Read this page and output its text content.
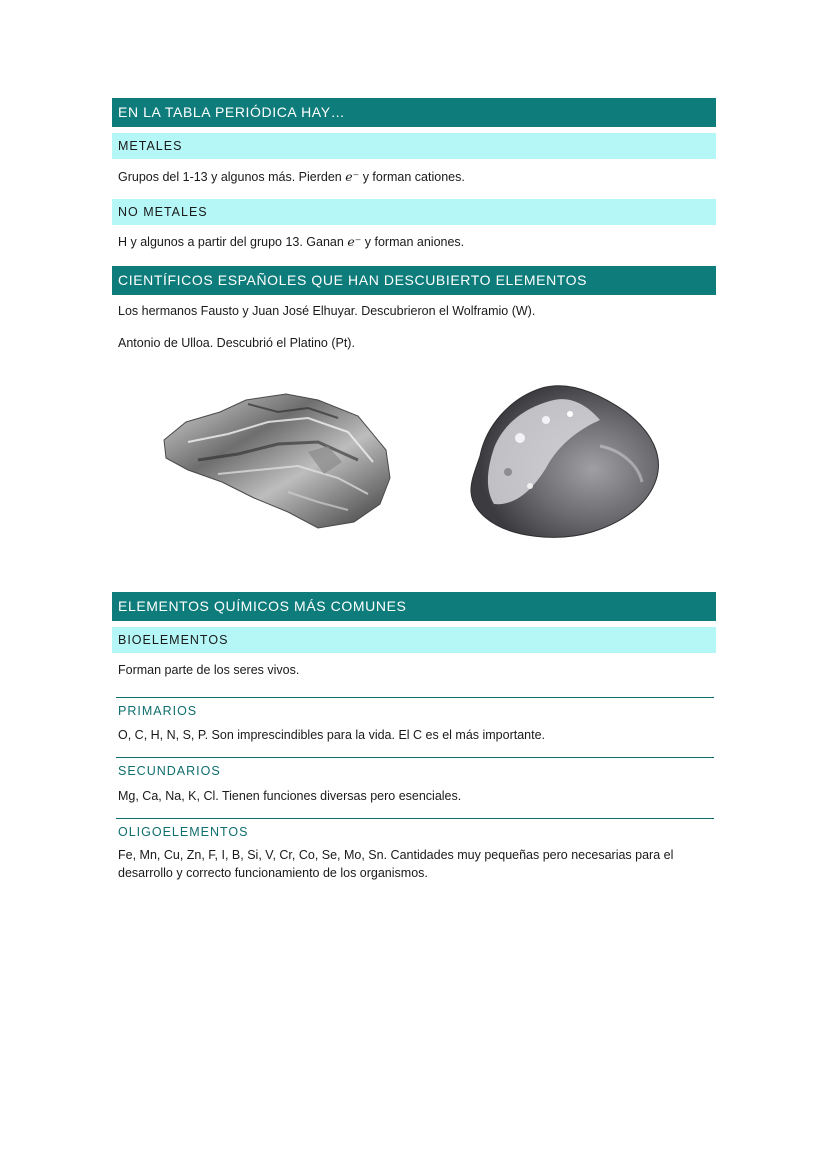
EN LA TABLA PERIÓDICA HAY…
METALES

Grupos del 1-13 y algunos más. Pierden e⁻ y forman cationes.

NO METALES

H y algunos a partir del grupo 13. Ganan e⁻ y forman aniones.

CIENTÍFICOS ESPAÑOLES QUE HAN DESCUBIERTO ELEMENTOS

Los hermanos Fausto y Juan José Elhuyar. Descubrieron el Wolframio (W).

Antonio de Ulloa. Descubrió el Platino (Pt).

ELEMENTOS QUÍMICOS MÁS COMUNES
BIOELEMENTOS

Forman parte de los seres vivos.

PRIMARIOS

O, C, H, N, S, P. Son imprescindibles para la vida. El C es el más importante.

SECUNDARIOS

Mg, Ca, Na, K, Cl. Tienen funciones diversas pero esenciales.

OLIGOELEMENTOS

Fe, Mn, Cu, Zn, F, I, B, Si, V, Cr, Co, Se, Mo, Sn. Cantidades muy pequeñas pero necesarias para el
desarrollo y correcto funcionamiento de los organismos.
